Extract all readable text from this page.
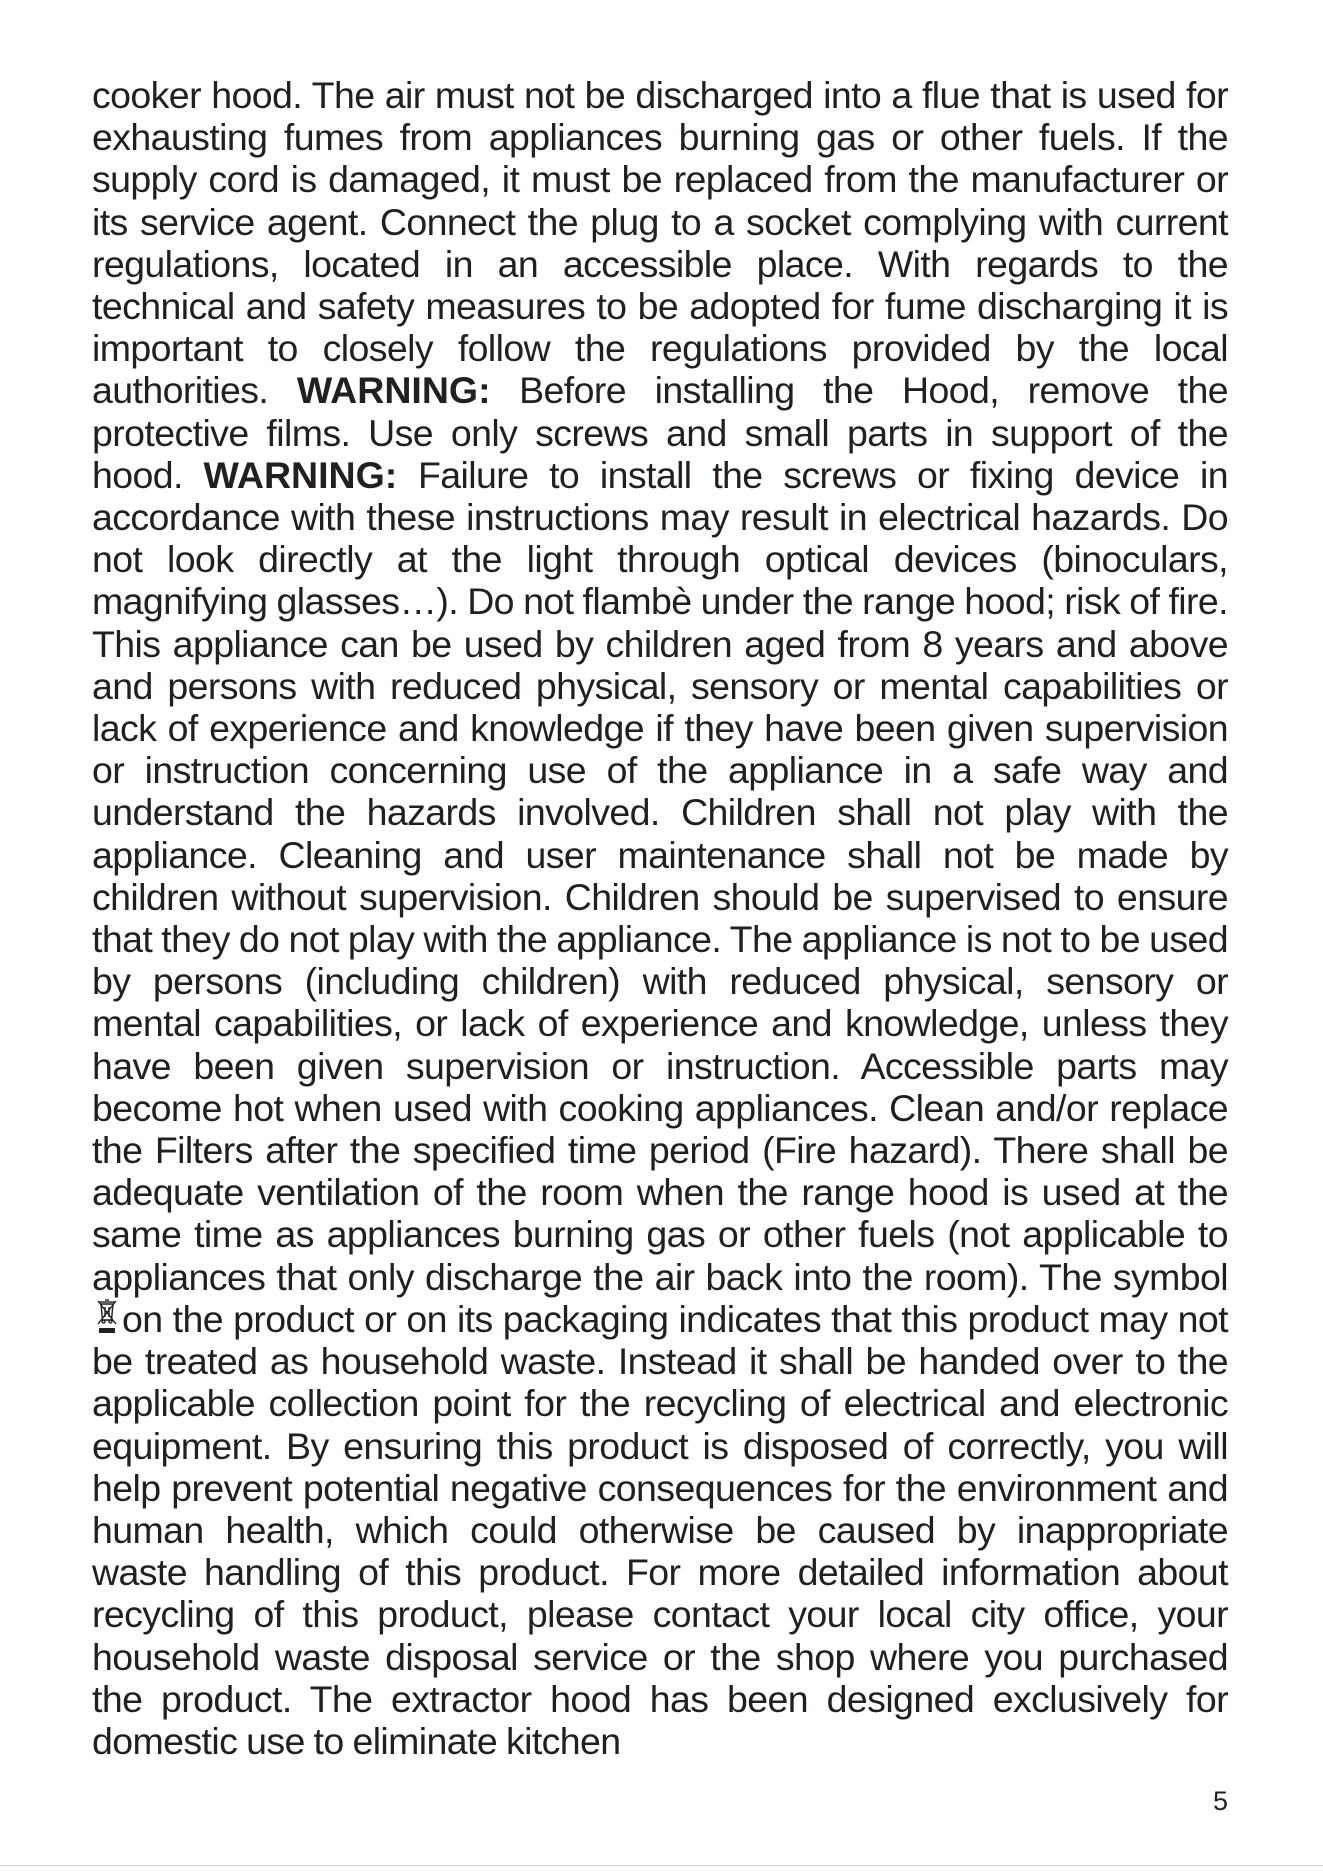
cooker hood. The air must not be discharged into a flue that is used for exhausting fumes from appliances burning gas or other fuels. If the supply cord is damaged, it must be replaced from the manufacturer or its service agent. Connect the plug to a socket complying with current regulations, located in an accessible place. With regards to the technical and safety measures to be adopted for fume discharging it is important to closely follow the regulations provided by the local authorities. WARNING: Before installing the Hood, remove the protective films. Use only screws and small parts in support of the hood. WARNING: Failure to install the screws or fixing device in accordance with these instructions may result in electrical hazards. Do not look directly at the light through optical devices (binoculars, magnifying glasses…). Do not flambè under the range hood; risk of fire. This appliance can be used by children aged from 8 years and above and persons with reduced physical, sensory or mental capabilities or lack of experience and knowledge if they have been given supervision or instruction concerning use of the appliance in a safe way and understand the hazards involved. Children shall not play with the appliance. Cleaning and user maintenance shall not be made by children without supervision. Children should be supervised to ensure that they do not play with the appliance. The appliance is not to be used by persons (including children) with reduced physical, sensory or mental capabilities, or lack of experience and knowledge, unless they have been given supervision or instruction. Accessible parts may become hot when used with cooking appliances. Clean and/or replace the Filters after the specified time period (Fire hazard). There shall be adequate ventilation of the room when the range hood is used at the same time as appliances burning gas or other fuels (not applicable to appliances that only discharge the air back into the room). The symbolon the product or on its packaging indicates that this product may not be treated as household waste. Instead it shall be handed over to the applicable collection point for the recycling of electrical and electronic equipment. By ensuring this product is disposed of correctly, you will help prevent potential negative consequences for the environment and human health, which could otherwise be caused by inappropriate waste handling of this product. For more detailed information about recycling of this product, please contact your local city office, your household waste disposal service or the shop where you purchased the product. The extractor hood has been designed exclusively for domestic use to eliminate kitchen
5
